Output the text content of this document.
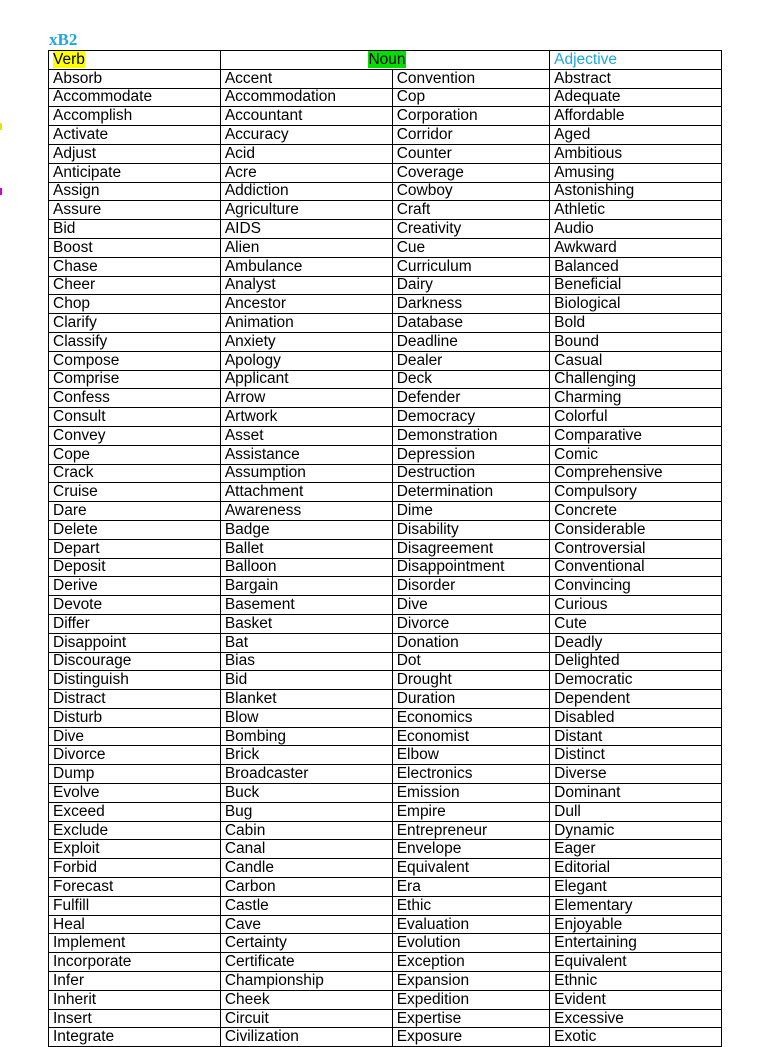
xB2
Verb	Noun		Adjective
Absorb	Accent	Convention	Abstract
Accommodate	Accommodation	Cop	Adequate
Accomplish	Accountant	Corporation	Affordable
Activate	Accuracy	Corridor	Aged
Adjust	Acid	Counter	Ambitious
Anticipate	Acre	Coverage	Amusing
Assign	Addiction	Cowboy	Astonishing
Assure	Agriculture	Craft	Athletic
Bid	AIDS	Creativity	Audio
Boost	Alien	Cue	Awkward
Chase	Ambulance	Curriculum	Balanced
Cheer	Analyst	Dairy	Beneficial
Chop	Ancestor	Darkness	Biological
Clarify	Animation	Database	Bold
Classify	Anxiety	Deadline	Bound
Compose	Apology	Dealer	Casual
Comprise	Applicant	Deck	Challenging
Confess	Arrow	Defender	Charming
Consult	Artwork	Democracy	Colorful
Convey	Asset	Demonstration	Comparative
Cope	Assistance	Depression	Comic
Crack	Assumption	Destruction	Comprehensive
Cruise	Attachment	Determination	Compulsory
Dare	Awareness	Dime	Concrete
Delete	Badge	Disability	Considerable
Depart	Ballet	Disagreement	Controversial
Deposit	Balloon	Disappointment	Conventional
Derive	Bargain	Disorder	Convincing
Devote	Basement	Dive	Curious
Differ	Basket	Divorce	Cute
Disappoint	Bat	Donation	Deadly
Discourage	Bias	Dot	Delighted
Distinguish	Bid	Drought	Democratic
Distract	Blanket	Duration	Dependent
Disturb	Blow	Economics	Disabled
Dive	Bombing	Economist	Distant
Divorce	Brick	Elbow	Distinct
Dump	Broadcaster	Electronics	Diverse
Evolve	Buck	Emission	Dominant
Exceed	Bug	Empire	Dull
Exclude	Cabin	Entrepreneur	Dynamic
Exploit	Canal	Envelope	Eager
Forbid	Candle	Equivalent	Editorial
Forecast	Carbon	Era	Elegant
Fulfill	Castle	Ethic	Elementary
Heal	Cave	Evaluation	Enjoyable
Implement	Certainty	Evolution	Entertaining
Incorporate	Certificate	Exception	Equivalent
Infer	Championship	Expansion	Ethnic
Inherit	Cheek	Expedition	Evident
Insert	Circuit	Expertise	Excessive
Integrate	Civilization	Exposure	Exotic
